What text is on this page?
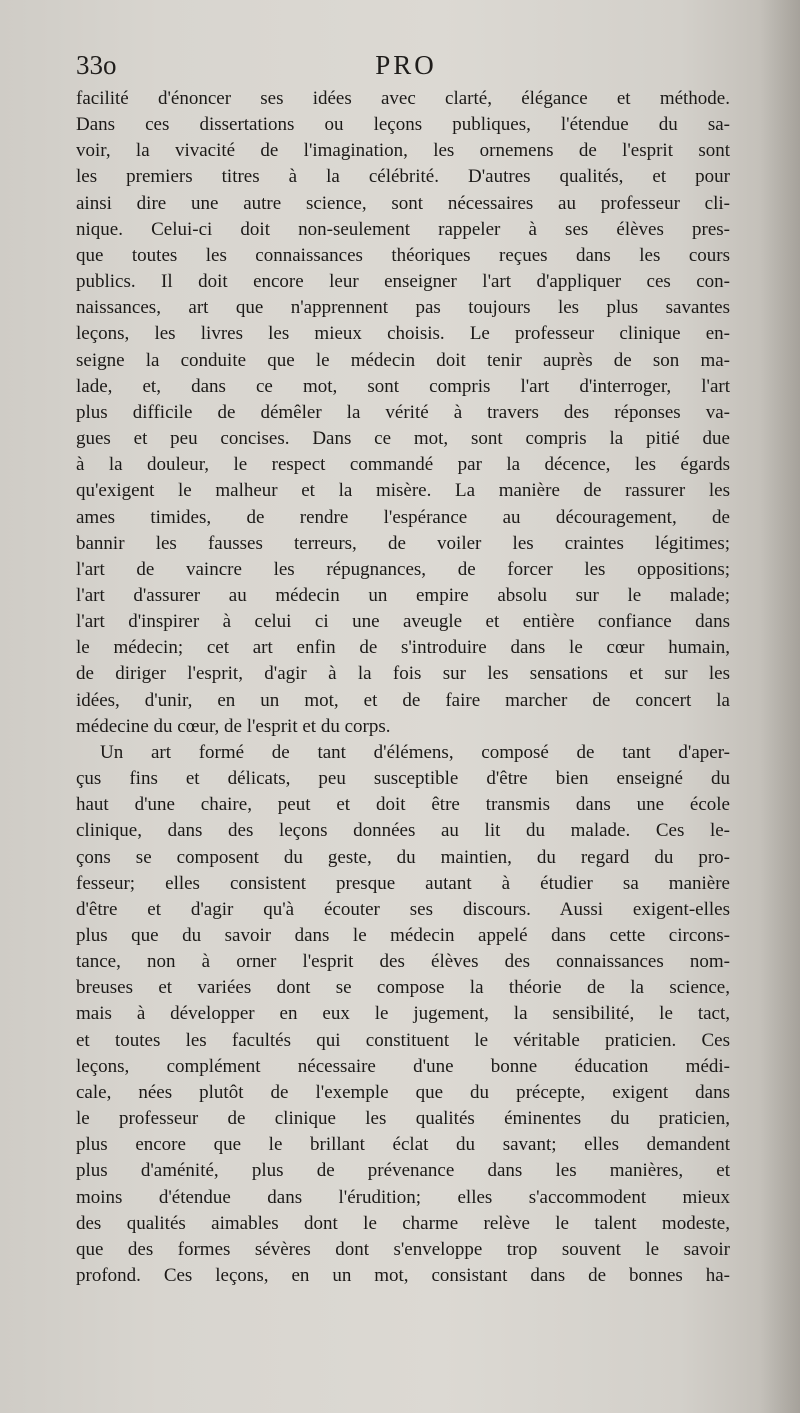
33o	PRO
facilité d'énoncer ses idées avec clarté, élégance et méthode.
Dans ces dissertations ou leçons publiques, l'étendue du sa-
voir, la vivacité de l'imagination, les ornemens de l'esprit sont
les premiers titres à la célébrité. D'autres qualités, et pour
ainsi dire une autre science, sont nécessaires au professeur cli-
nique. Celui-ci doit non-seulement rappeler à ses élèves pres-
que toutes les connaissances théoriques reçues dans les cours
publics. Il doit encore leur enseigner l'art d'appliquer ces con-
naissances, art que n'apprennent pas toujours les plus savantes
leçons, les livres les mieux choisis. Le professeur clinique en-
seigne la conduite que le médecin doit tenir auprès de son ma-
lade, et, dans ce mot, sont compris l'art d'interroger, l'art
plus difficile de démêler la vérité à travers des réponses va-
gues et peu concises. Dans ce mot, sont compris la pitié due
à la douleur, le respect commandé par la décence, les égards
qu'exigent le malheur et la misère. La manière de rassurer les
ames timides, de rendre l'espérance au découragement, de
bannir les fausses terreurs, de voiler les craintes légitimes;
l'art de vaincre les répugnances, de forcer les oppositions;
l'art d'assurer au médecin un empire absolu sur le malade;
l'art d'inspirer à celui ci une aveugle et entière confiance dans
le médecin; cet art enfin de s'introduire dans le cœur humain,
de diriger l'esprit, d'agir à la fois sur les sensations et sur les
idées, d'unir, en un mot, et de faire marcher de concert la
médecine du cœur, de l'esprit et du corps.
Un art formé de tant d'élémens, composé de tant d'aper-
çus fins et délicats, peu susceptible d'être bien enseigné du
haut d'une chaire, peut et doit être transmis dans une école
clinique, dans des leçons données au lit du malade. Ces le-
çons se composent du geste, du maintien, du regard du pro-
fesseur; elles consistent presque autant à étudier sa manière
d'être et d'agir qu'à écouter ses discours. Aussi exigent-elles
plus que du savoir dans le médecin appelé dans cette circons-
tance, non à orner l'esprit des élèves des connaissances nom-
breuses et variées dont se compose la théorie de la science,
mais à développer en eux le jugement, la sensibilité, le tact,
et toutes les facultés qui constituent le véritable praticien. Ces
leçons, complément nécessaire d'une bonne éducation médi-
cale, nées plutôt de l'exemple que du précepte, exigent dans
le professeur de clinique les qualités éminentes du praticien,
plus encore que le brillant éclat du savant; elles demandent
plus d'aménité, plus de prévenance dans les manières, et
moins d'étendue dans l'érudition; elles s'accommodent mieux
des qualités aimables dont le charme relève le talent modeste,
que des formes sévères dont s'enveloppe trop souvent le savoir
profond. Ces leçons, en un mot, consistant dans de bonnes ha-
